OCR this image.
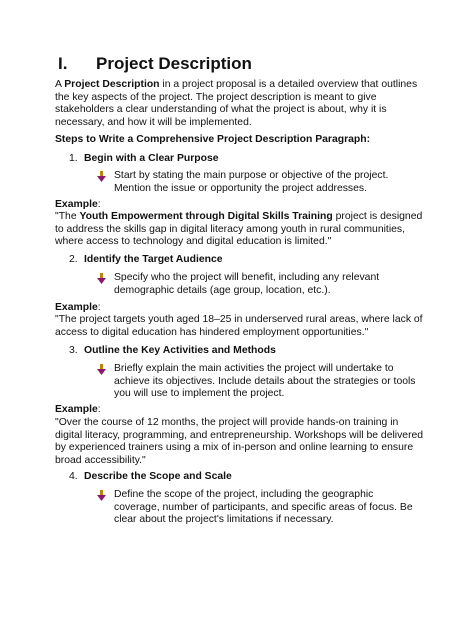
I. Project Description
A Project Description in a project proposal is a detailed overview that outlines the key aspects of the project. The project description is meant to give stakeholders a clear understanding of what the project is about, why it is necessary, and how it will be implemented.
Steps to Write a Comprehensive Project Description Paragraph:
1. Begin with a Clear Purpose
Start by stating the main purpose or objective of the project. Mention the issue or opportunity the project addresses.
Example:
"The Youth Empowerment through Digital Skills Training project is designed to address the skills gap in digital literacy among youth in rural communities, where access to technology and digital education is limited."
2. Identify the Target Audience
Specify who the project will benefit, including any relevant demographic details (age group, location, etc.).
Example:
"The project targets youth aged 18–25 in underserved rural areas, where lack of access to digital education has hindered employment opportunities."
3. Outline the Key Activities and Methods
Briefly explain the main activities the project will undertake to achieve its objectives. Include details about the strategies or tools you will use to implement the project.
Example:
"Over the course of 12 months, the project will provide hands-on training in digital literacy, programming, and entrepreneurship. Workshops will be delivered by experienced trainers using a mix of in-person and online learning to ensure broad accessibility."
4. Describe the Scope and Scale
Define the scope of the project, including the geographic coverage, number of participants, and specific areas of focus. Be clear about the project's limitations if necessary.
